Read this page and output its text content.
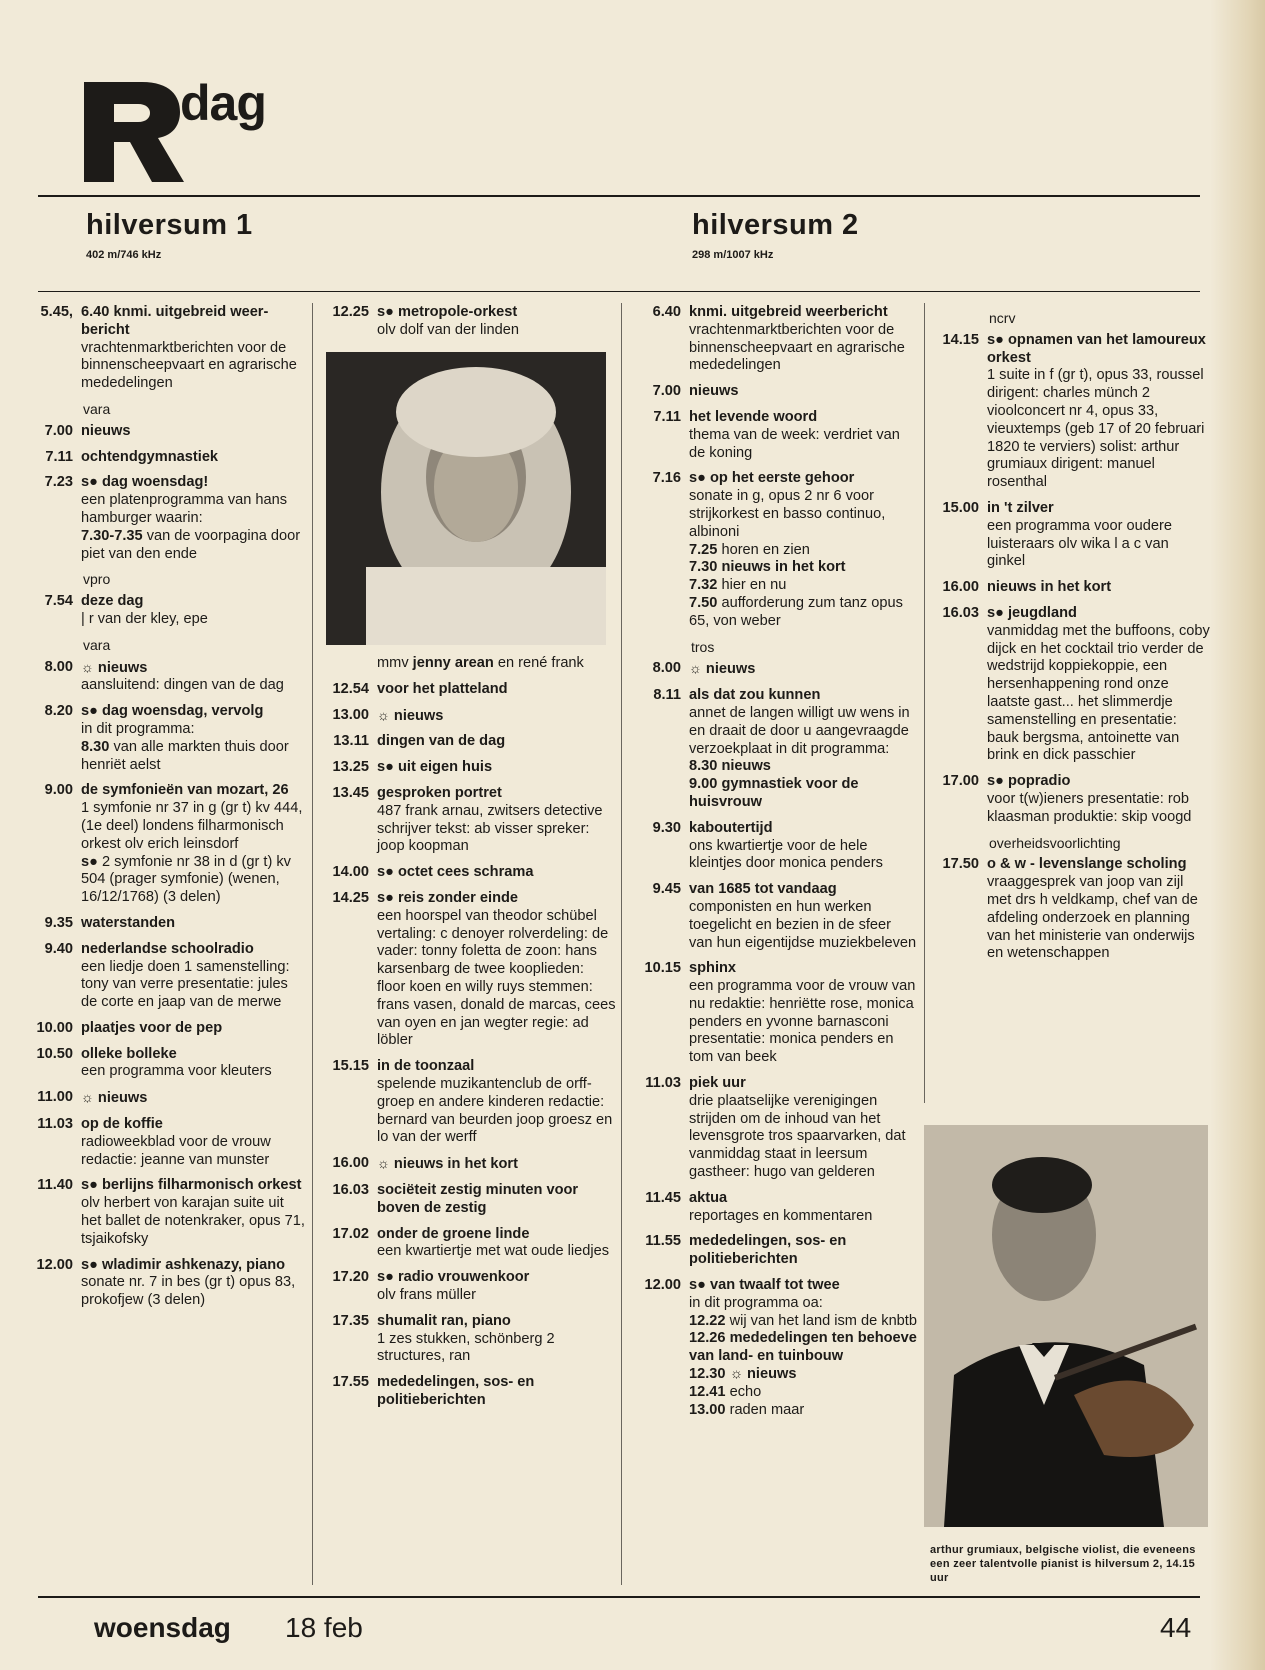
dag
hilversum 1
402 m/746 kHz
hilversum 2
298 m/1007 kHz
5.45, 6.40 knmi. uitgebreid weer-bericht
vrachtenmarktberichten voor de binnenscheepvaart en agrarische mededelingen
vara
7.00 nieuws
7.11 ochtendgymnastiek
7.23 s● dag woensdag!
een platenprogramma van hans hamburger waarin:
7.30-7.35 van de voorpagina door piet van den ende
vpro
7.54 deze dag
| r van der kley, epe
vara
8.00 ☼ nieuws
aansluitend: dingen van de dag
8.20 s● dag woensdag, vervolg
in dit programma:
8.30 van alle markten thuis door henriët aelst
9.00 de symfonieën van mozart, 26
1 symfonie nr 37 in g (gr t) kv 444, (1e deel) londens filharmonisch orkest olv erich leinsdorf
s● 2 symfonie nr 38 in d (gr t) kv 504 (prager symfonie) (wenen, 16/12/1768) (3 delen)
9.35 waterstanden
9.40 nederlandse schoolradio
een liedje doen 1 samenstelling: tony van verre presentatie: jules de corte en jaap van de merwe
10.00 plaatjes voor de pep
10.50 olleke bolleke
een programma voor kleuters
11.00 ☼ nieuws
11.03 op de koffie
radioweekblad voor de vrouw redactie: jeanne van munster
11.40 s● berlijns filharmonisch orkest
olv herbert von karajan suite uit het ballet de notenkraker, opus 71, tsjaikofsky
12.00 s● wladimir ashkenazy, piano
sonate nr. 7 in bes (gr t) opus 83, prokofjew (3 delen)
12.25 s● metropole-orkest
olv dolf van der linden
mmv jenny arean en rené frank
12.54 voor het platteland
13.00 ☼ nieuws
13.11 dingen van de dag
13.25 s● uit eigen huis
13.45 gesproken portret
487 frank arnau, zwitsers detective schrijver tekst: ab visser spreker: joop koopman
14.00 s● octet cees schrama
14.25 s● reis zonder einde
een hoorspel van theodor schübel vertaling: c denoyer rolverdeling: de vader: tonny foletta de zoon: hans karsenbarg de twee kooplieden: floor koen en willy ruys stemmen: frans vasen, donald de marcas, cees van oyen en jan wegter regie: ad löbler
15.15 in de toonzaal
spelende muzikantenclub de orff-groep en andere kinderen redactie: bernard van beurden joop groesz en lo van der werff
16.00 ☼ nieuws in het kort
16.03 sociëteit zestig minuten voor boven de zestig
17.02 onder de groene linde
een kwartiertje met wat oude liedjes
17.20 s● radio vrouwenkoor
olv frans müller
17.35 shumalit ran, piano
1 zes stukken, schönberg 2 structures, ran
17.55 mededelingen, sos- en politieberichten
6.40 knmi. uitgebreid weerbericht
vrachtenmarktberichten voor de binnenscheepvaart en agrarische mededelingen
7.00 nieuws
7.11 het levende woord
thema van de week: verdriet van de koning
7.16 s● op het eerste gehoor
sonate in g, opus 2 nr 6 voor strijkorkest en basso continuo, albinoni
7.25 horen en zien
7.30 nieuws in het kort
7.32 hier en nu
7.50 aufforderung zum tanz opus 65, von weber
tros
8.00 ☼ nieuws
8.11 als dat zou kunnen
annet de langen willigt uw wens in en draait de door u aangevraagde verzoekplaat in dit programma:
8.30 nieuws
9.00 gymnastiek voor de huisvrouw
9.30 kaboutertijd
ons kwartiertje voor de hele kleintjes door monica penders
9.45 van 1685 tot vandaag
componisten en hun werken toegelicht en bezien in de sfeer van hun eigentijdse muziekbeleven
10.15 sphinx
een programma voor de vrouw van nu redaktie: henriëtte rose, monica penders en yvonne barnasconi presentatie: monica penders en tom van beek
11.03 piek uur
drie plaatselijke verenigingen strijden om de inhoud van het levensgrote tros spaarvarken, dat vanmiddag staat in leersum gastheer: hugo van gelderen
11.45 aktua
reportages en kommentaren
11.55 mededelingen, sos- en politieberichten
12.00 s● van twaalf tot twee
in dit programma oa:
12.22 wij van het land ism de knbtb
12.26 mededelingen ten behoeve van land- en tuinbouw
12.30 ☼ nieuws
12.41 echo
13.00 raden maar
ncrv
14.15 s● opnamen van het lamoureux orkest
1 suite in f (gr t), opus 33, roussel dirigent: charles münch 2 vioolconcert nr 4, opus 33, vieuxtemps (geb 17 of 20 februari 1820 te verviers) solist: arthur grumiaux dirigent: manuel rosenthal
15.00 in 't zilver
een programma voor oudere luisteraars olv wika l a c van ginkel
16.00 nieuws in het kort
16.03 s● jeugdland
vanmiddag met the buffoons, coby dijck en het cocktail trio verder de wedstrijd koppiekoppie, een hersenhappening rond onze laatste gast... het slimmerdje samenstelling en presentatie: bauk bergsma, antoinette van brink en dick passchier
17.00 s● popradio
voor t(w)ieners presentatie: rob klaasman produktie: skip voogd
overheidsvoorlichting
17.50 o & w - levenslange scholing
vraaggesprek van joop van zijl met drs h veldkamp, chef van de afdeling onderzoek en planning van het ministerie van onderwijs en wetenschappen
arthur grumiaux, belgische violist, die eveneens een zeer talentvolle pianist is hilversum 2, 14.15 uur
woensdag 18 feb	44
